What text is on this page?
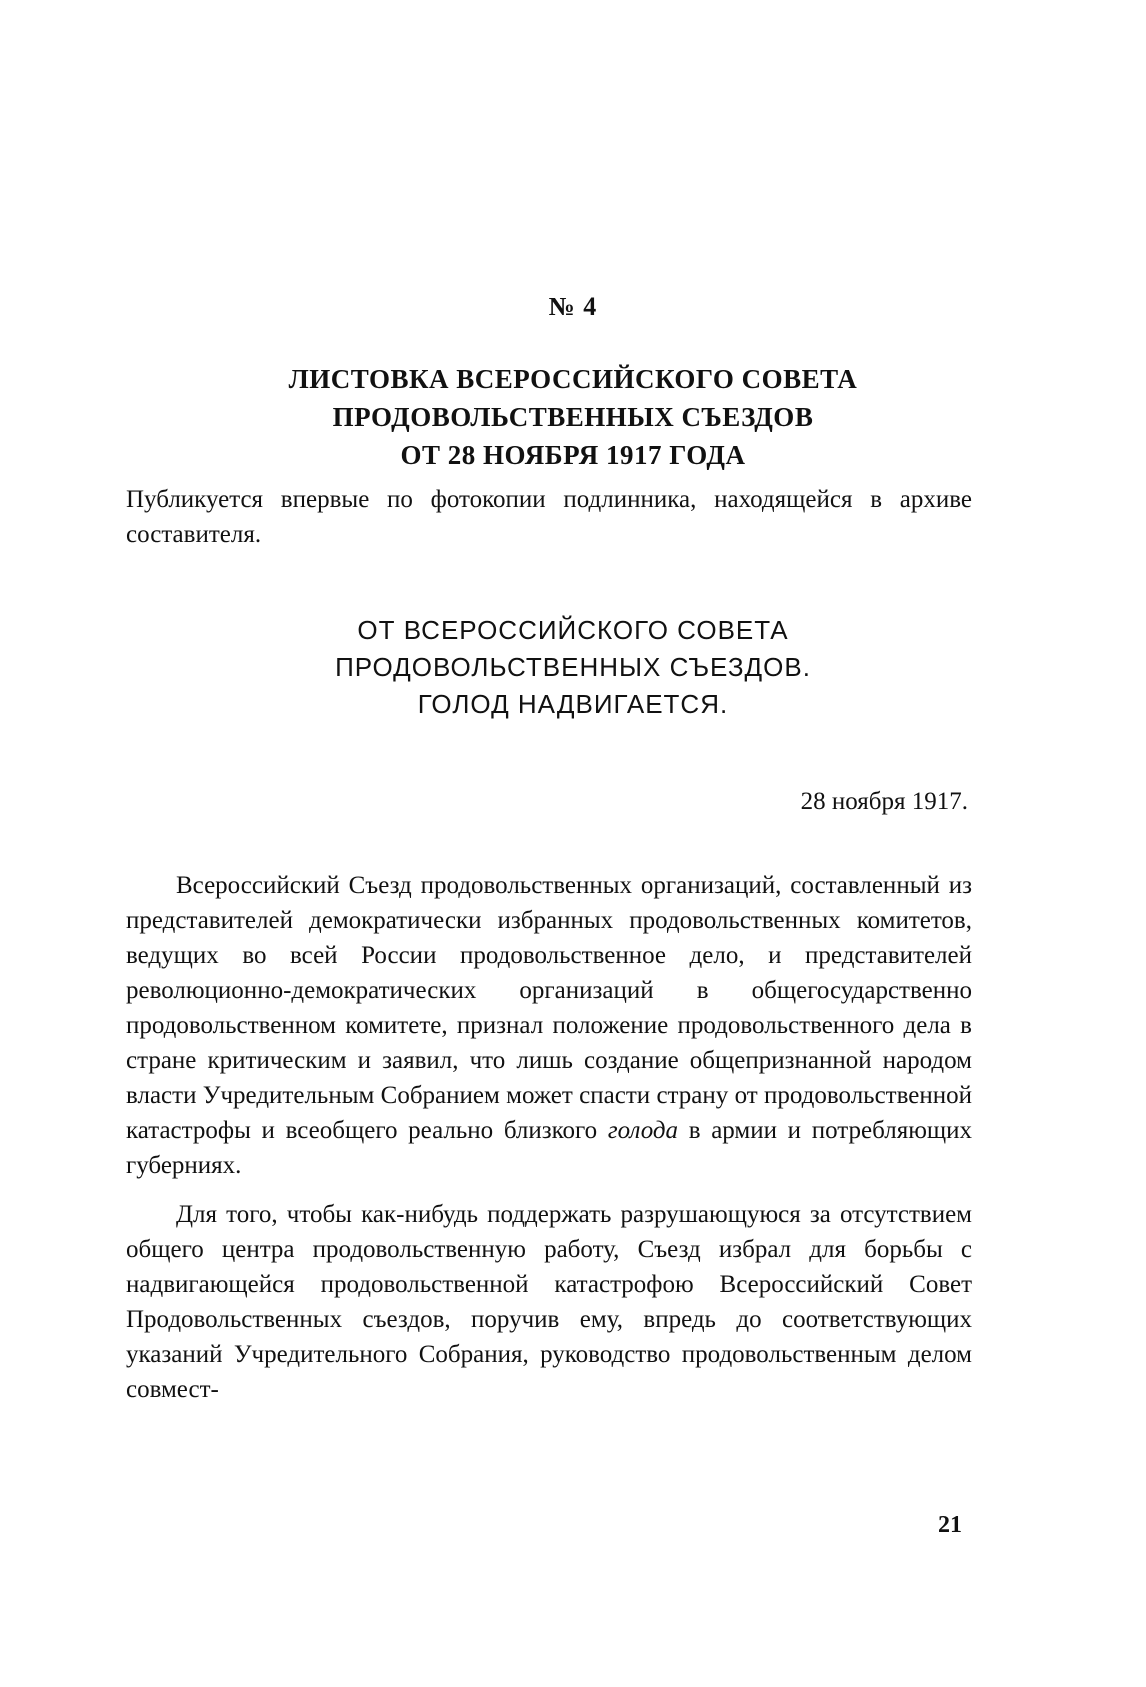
№ 4
ЛИСТОВКА ВСЕРОССИЙСКОГО СОВЕТА
ПРОДОВОЛЬСТВЕННЫХ СЪЕЗДОВ
ОТ 28 НОЯБРЯ 1917 ГОДА
Публикуется впервые по фотокопии подлинника, находящейся в архиве составителя.
ОТ ВСЕРОССИЙСКОГО СОВЕТА
ПРОДОВОЛЬСТВЕННЫХ СЪЕЗДОВ.
ГОЛОД НАДВИГАЕТСЯ.
28 ноября 1917.

Всероссийский Съезд продовольственных организаций, составленный из представителей демократически избранных продовольственных комитетов, ведущих во всей России продовольственное дело, и представителей революционно-демократических организаций в общегосударственно продовольственном комитете, признал положение продовольственного дела в стране критическим и заявил, что лишь создание общепризнанной народом власти Учредительным Собранием может спасти страну от продовольственной катастрофы и всеобщего реально близкого голода в армии и потребляющих губерниях.

Для того, чтобы как-нибудь поддержать разрушающуюся за отсутствием общего центра продовольственную работу, Съезд избрал для борьбы с надвигающейся продовольственной катастрофою Всероссийский Совет Продовольственных съездов, поручив ему, впредь до соответствующих указаний Учредительного Собрания, руководство продовольственным делом совмест-

21
